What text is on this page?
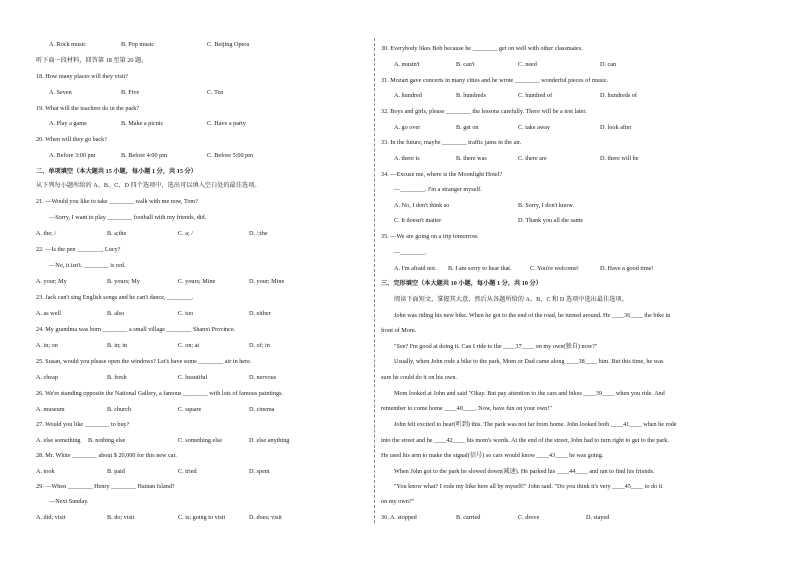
A. Rock music	B. Pop music	C. Beijing Opera
听下面一段材料，回答第 18 至第 20 题。
18. How many places will they visit?
A. Seven	B. Five	C. Ten
19. What will the teachers do in the park?
A. Play a game	B. Make a picnic	C. Have a party
20. When will they go back?
A. Before 3:00 pm	B. Before 4:00 pm	C. Before 5:00 pm
二、单项填空（本大题共 15 小题，每小题 1 分，共 15 分）
从下列每小题所给的 A、B、C、D 四个选项中，选出可以填入空白处的最佳选项。
21. —Would you like to take ________ walk with me now, Tom?
—Sorry, I want to play ________ football with my friends, did.
A. the; /	B. a;the	C. a; /	D. /;the
22. —Is the pen ________, Lucy?
—No, it isn't. ________ is red.
A. your; My	B. yours; My	C. yours; Mine	D. your; Mine
23. Jack can't sing English songs and he can't dance, ________.
A. as well	B. also	C. too	D. either
24. My grandma was born ________ a small village ________ Shanxi Province.
A. in; on	B. in; in	C. on; at	D. of; in
25. Susan, would you please open the windows? Let's have some ________ air in here.
A. cheap	B. fresh	C. beautiful	D. nervous
26. We're standing opposite the National Gallery, a famous ________ with lots of famous paintings.
A. museum	B. church	C. square	D. cinema
27. Would you like ________ to buy?
A. else something B. nothing else	C. something else	D. else anything
28. Mr. White ________ about $ 20,000 for this new car.
A. took	B. paid	C. tried	D. spent
29. —When ________ Henry ________ Hainan Island?
—Next Sunday.
A. did; visit	B. do; visit	C. is; going to visit	D. does; visit
30. Everybody likes Bob because he ________ get on well with other classmates.
A. mustn't	B. can't	C. need	D. can
31. Mozart gave concerts in many cities and he wrote ________ wonderful pieces of music.
A. hundred	B. hundreds	C. hundred of	D. hundreds of
32. Boys and girls, please ________ the lessons carefully. There will be a test later.
A. go over	B. get on	C. take away	D. look after
33. In the future, maybe ________ traffic jams in the air.
A. there is	B. there was	C. there are	D. there will be
34. —Excuse me, where is the Moonlight Hotel?
—________. I'm a stranger myself.
A. No, I don't think so	B. Sorry, I don't know.
C. It doesn't matter	D. Thank you all the same
35. —We are going on a trip tomorrow.
—________.
A. I'm afraid not. B. I am sorry to hear that.	C. You're welcome!	D. Have a good time!
三、完形填空（本大题共 10 小题，每小题 1 分，共 10 分）
阅读下面短文，掌握其大意，然后从各题所给的 A、B、C 和 D 选项中选出最佳选项。
John was riding his new bike. When he got to the end of the road, he turned around. He ____36____ the bike in
front of Mom.
"See? I'm good at doing it. Can I ride to the ____37____ on my own(独自) now?"
Usually, when John rode a bike to the park, Mom or Dad came along ____38____ him. But this time, he was
sure he could do it on his own.
Mom looked at John and said "Okay. But pay attention to the cars and bikes ____39____ when you ride. And
remember to come home ____40____. Now, have fun on your own!"
John felt excited to hear(听到) this. The park was not far from home. John looked both ____41____ when he rode
into the street and he ____42____ his mom's words. At the end of the street, John had to turn right to get to the park.
He used his arm to make the signal(信号) so cars would know ____43____ he was going.
When John got to the park he slowed down(减速). He parked his ____44____ and ran to find his friends.
"You know what? I rode my bike here all by myself!" John said. "Do you think it's very ____45____ to do it
on my own?"
36. A. stopped	B. carried	C. drove	D. stayed
